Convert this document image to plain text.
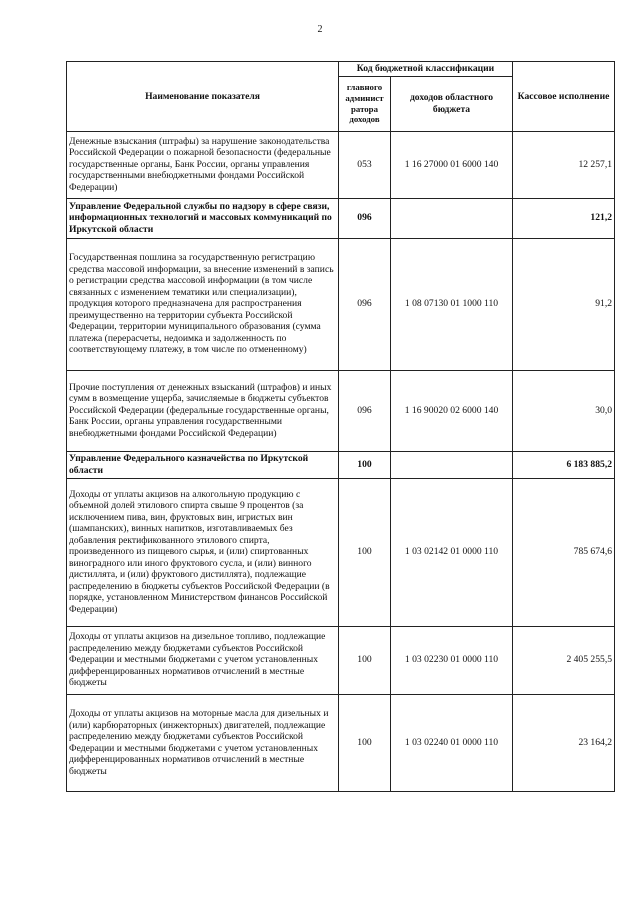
2
Наименование показателя	Код бюджетной классификации		Кассовое исполнение
	главного админист ратора доходов	доходов областного бюджета	
Денежные взыскания (штрафы) за нарушение законодательства Российской Федерации о пожарной безопасности (федеральные государственные органы, Банк России, органы управления государственными внебюджетными фондами Российской Федерации)	053	1 16 27000 01 6000 140	12 257,1
Управление Федеральной службы по надзору в сфере связи, информационных технологий и массовых коммуникаций по Иркутской области	096		121,2
Государственная пошлина за государственную регистрацию средства массовой информации, за внесение изменений в запись о регистрации средства массовой информации (в том числе связанных с изменением тематики или специализации), продукция которого предназначена для распространения преимущественно на территории субъекта Российской Федерации, территории муниципального образования (сумма платежа (перерасчеты, недоимка и задолженность по соответствующему платежу, в том числе по отмененному)	096	1 08 07130 01 1000 110	91,2
Прочие поступления от денежных взысканий (штрафов) и иных сумм в возмещение ущерба, зачисляемые в бюджеты субъектов Российской Федерации (федеральные государственные органы, Банк России, органы управления государственными внебюджетными фондами Российской Федерации)	096	1 16 90020 02 6000 140	30,0
Управление Федерального казначейства по Иркутской области	100		6 183 885,2
Доходы от уплаты акцизов на алкогольную продукцию с объемной долей этилового спирта свыше 9 процентов (за исключением пива, вин, фруктовых вин, игристых вин (шампанских), винных напитков, изготавливаемых без добавления ректификованного этилового спирта, произведенного из пищевого сырья, и (или) спиртованных виноградного или иного фруктового сусла, и (или) винного дистиллята, и (или) фруктового дистиллята), подлежащие распределению в бюджеты субъектов Российской Федерации (в порядке, установленном Министерством финансов Российской Федерации)	100	1 03 02142 01 0000 110	785 674,6
Доходы от уплаты акцизов на дизельное топливо, подлежащие распределению между бюджетами субъектов Российской Федерации и местными бюджетами с учетом установленных дифференцированных нормативов отчислений в местные бюджеты	100	1 03 02230 01 0000 110	2 405 255,5
Доходы от уплаты акцизов на моторные масла для дизельных и (или) карбюраторных (инжекторных) двигателей, подлежащие распределению между бюджетами субъектов Российской Федерации и местными бюджетами с учетом установленных дифференцированных нормативов отчислений в местные бюджеты	100	1 03 02240 01 0000 110	23 164,2
